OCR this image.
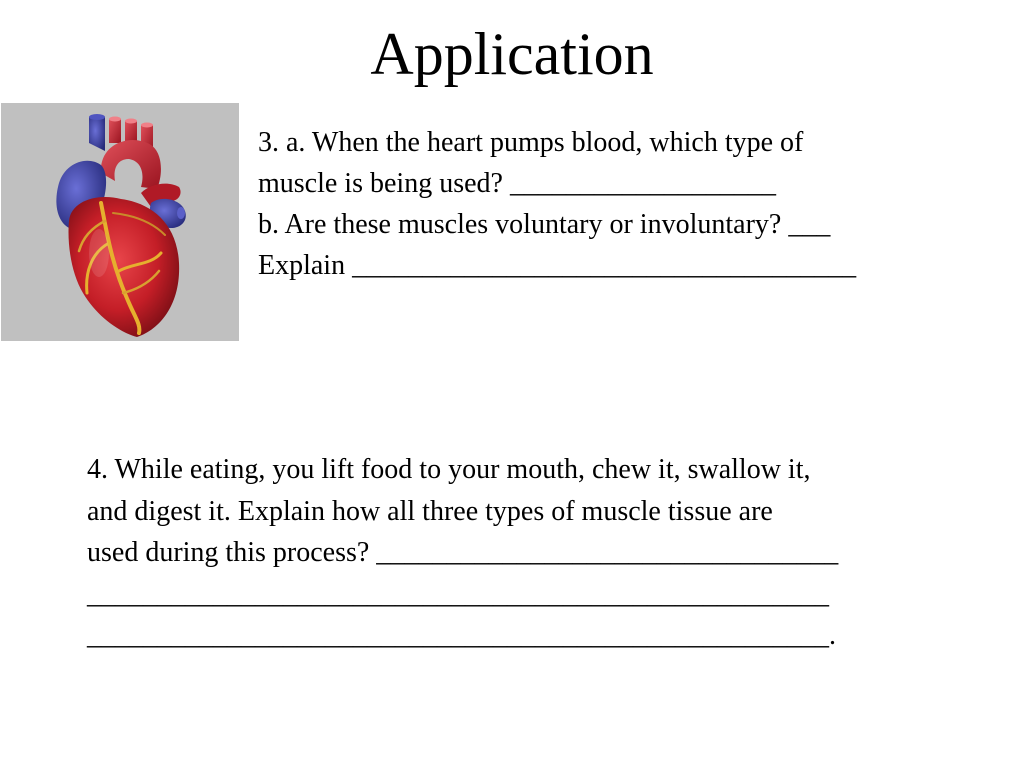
Application
3. a. When the heart pumps blood, which type of
muscle is being used? ___________________
b. Are these muscles voluntary or involuntary? ___
Explain ____________________________________
4. While eating, you lift food to your mouth, chew it, swallow it,
and digest it. Explain how all three types of muscle tissue are
used during this process? _________________________________
_____________________________________________________
_____________________________________________________.
